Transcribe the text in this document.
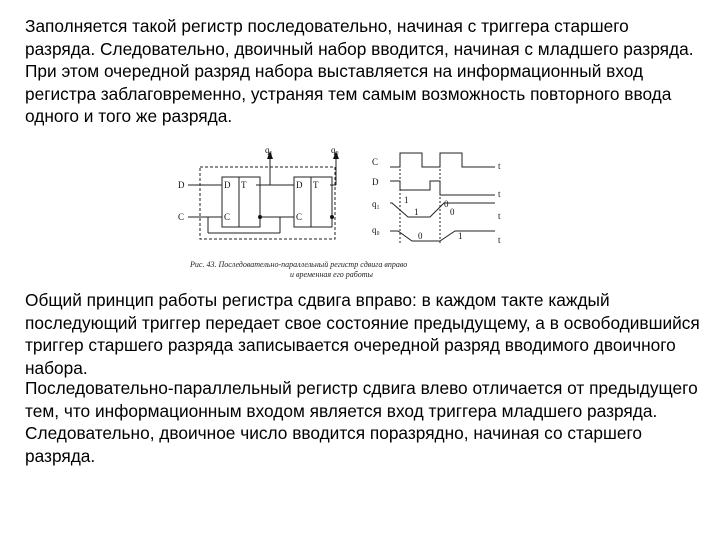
Заполняется такой регистр последовательно, начиная с триггера старшего разряда. Следовательно, двоичный набор вводится, начиная с младшего разряда. При этом очередной разряд набора выставляется на информационный вход регистра заблаговременно, устраняя тем самым возможность повторного ввода одного и того же разряда.

D
C
q₁	q₀
D T
C
D T
C
C
D
q₁
q₀
1	0
1	0
0	1
t
t
t
t
Рис. 43. Последовательно-параллельный регистр сдвига вправо
и временная его работы

Общий принцип работы регистра сдвига вправо: в каждом такте каждый последующий триггер передает свое состояние предыдущему, а в освободившийся триггер старшего разряда записывается очередной разряд вводимого двоичного набора.

Последовательно-параллельный регистр сдвига влево отличается от предыдущего тем, что информационным входом является вход триггера младшего разряда. Следовательно, двоичное число вводится поразрядно, начиная со старшего разряда.
